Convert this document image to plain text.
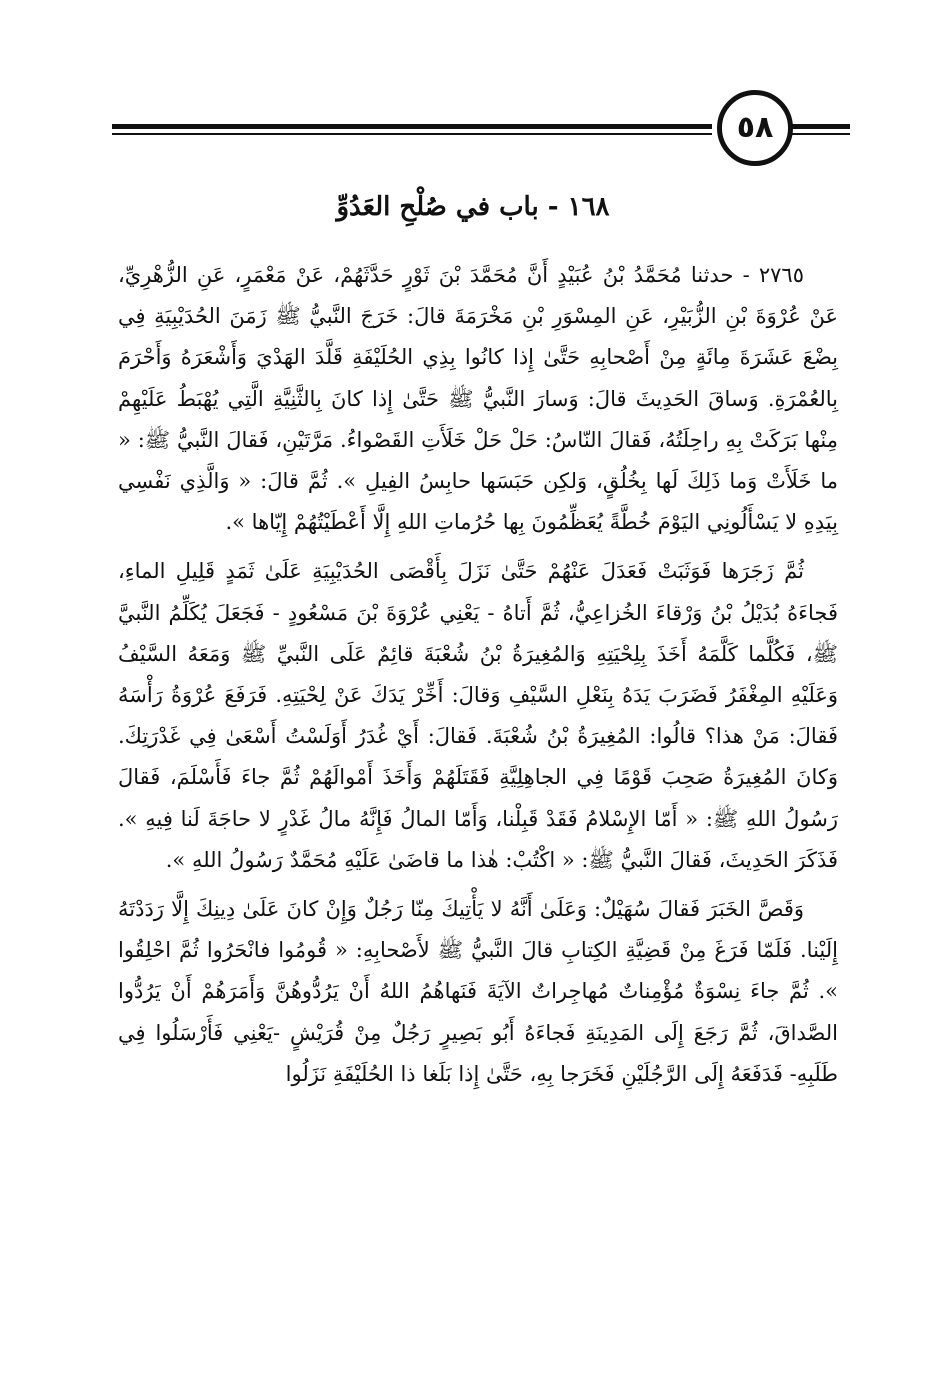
٥٨
١٦٨ - باب في صُلْحِ العَدُوِّ

٢٧٦٥ - حدثنا مُحَمَّدُ بْنُ عُبَيْدٍ أَنَّ مُحَمَّدَ بْنَ ثَوْرٍ حَدَّثَهُمْ، عَنْ مَعْمَرٍ، عَنِ الزُّهْرِيِّ، عَنْ عُرْوَةَ بْنِ الزُّبَيْرِ، عَنِ المِسْوَرِ بْنِ مَخْرَمَةَ قالَ: خَرَجَ النَّبيُّ ﷺ زَمَنَ الحُدَيْبِيَةِ فِي بِضْعَ عَشَرَةَ مِائَةٍ مِنْ أَصْحابِهِ حَتَّىٰ إِذا كانُوا بِذِي الحُلَيْفَةِ قَلَّدَ الهَدْيَ وَأَشْعَرَهُ وَأَحْرَمَ بِالعُمْرَةِ. وَساقَ الحَدِيثَ قالَ: وَسارَ النَّبيُّ ﷺ حَتَّىٰ إِذا كانَ بِالثَّنِيَّةِ الَّتِي يُهْبَطُ عَلَيْهِمْ مِنْها بَرَكَتْ بِهِ راحِلَتُهُ، فَقالَ النّاسُ: حَلْ حَلْ خَلَأَتِ القَصْواءُ. مَرَّتَيْنِ، فَقالَ النَّبيُّ ﷺ: « ما خَلَأَتْ وَما ذَلِكَ لَها بِخُلُقٍ، وَلكِن حَبَسَها حابِسُ الفِيلِ ». ثُمَّ قالَ: « وَالَّذِي نَفْسِي بِيَدِهِ لا يَسْأَلُونِي اليَوْمَ خُطَّةً يُعَظِّمُونَ بِها حُرُماتِ اللهِ إِلَّا أَعْطَيْتُهُمْ إِيّاها ».

ثُمَّ زَجَرَها فَوَثَبَتْ فَعَدَلَ عَنْهُمْ حَتَّىٰ نَزَلَ بِأَقْصَى الحُدَيْبِيَةِ عَلَىٰ ثَمَدٍ قَلِيلِ الماءِ، فَجاءَهُ بُدَيْلُ بْنُ وَرْقاءَ الخُزاعِيُّ، ثُمَّ أَتاهُ - يَعْنِي عُرْوَةَ بْنَ مَسْعُودٍ - فَجَعَلَ يُكَلِّمُ النَّبيَّ ﷺ، فَكُلَّما كَلَّمَهُ أَخَذَ بِلِحْيَتِهِ وَالمُغِيرَةُ بْنُ شُعْبَةَ قائِمٌ عَلَى النَّبيِّ ﷺ وَمَعَهُ السَّيْفُ وَعَلَيْهِ المِغْفَرُ فَضَرَبَ يَدَهُ بِنَعْلِ السَّيْفِ وَقالَ: أَخِّرْ يَدَكَ عَنْ لِحْيَتِهِ. فَرَفَعَ عُرْوَةُ رَأْسَهُ فَقالَ: مَنْ هذا؟ قالُوا: المُغِيرَةُ بْنُ شُعْبَةَ. فَقالَ: أَيْ غُدَرُ أَوَلَسْتُ أَسْعَىٰ فِي غَدْرَتِكَ. وَكانَ المُغِيرَةُ صَحِبَ قَوْمًا فِي الجاهِلِيَّةِ فَقَتَلَهُمْ وَأَخَذَ أَمْوالَهُمْ ثُمَّ جاءَ فَأَسْلَمَ، فَقالَ رَسُولُ اللهِ ﷺ: « أَمّا الإِسْلامُ فَقَدْ قَبِلْنا، وَأَمّا المالُ فَإِنَّهُ مالُ غَدْرٍ لا حاجَةَ لَنا فِيهِ ». فَذَكَرَ الحَدِيثَ، فَقالَ النَّبيُّ ﷺ: « اكْتُبْ: هٰذا ما قاضَىٰ عَلَيْهِ مُحَمَّدٌ رَسُولُ اللهِ ».

وَقَصَّ الخَبَرَ فَقالَ سُهَيْلٌ: وَعَلَىٰ أَنَّهُ لا يَأْتِيكَ مِنّا رَجُلٌ وَإِنْ كانَ عَلَىٰ دِينِكَ إِلَّا رَدَدْتَهُ إِلَيْنا. فَلَمّا فَرَغَ مِنْ قَضِيَّةِ الكِتابِ قالَ النَّبيُّ ﷺ لأَصْحابِهِ: « قُومُوا فانْحَرُوا ثُمَّ احْلِقُوا ». ثُمَّ جاءَ نِسْوَةٌ مُؤْمِناتٌ مُهاجِراتٌ الآيَةَ فَنَهاهُمُ اللهُ أَنْ يَرُدُّوهُنَّ وَأَمَرَهُمْ أَنْ يَرُدُّوا الصَّداقَ، ثُمَّ رَجَعَ إِلَى المَدِينَةِ فَجاءَهُ أَبُو بَصِيرٍ رَجُلٌ مِنْ قُرَيْشٍ -يَعْنِي فَأَرْسَلُوا فِي طَلَبِهِ- فَدَفَعَهُ إِلَى الرَّجُلَيْنِ فَخَرَجا بِهِ، حَتَّىٰ إِذا بَلَغا ذا الحُلَيْفَةِ نَزَلُوا
